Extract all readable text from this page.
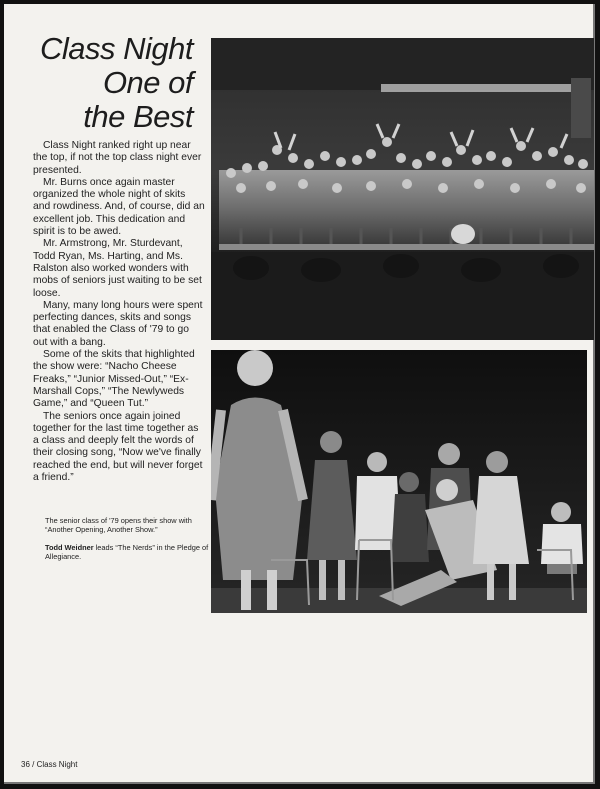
Class Night
One of
the Best

Class Night ranked right up near the top, if not the top class night ever presented.

Mr. Burns once again master organized the whole night of skits and rowdiness. And, of course, did an excellent job. This dedication and spirit is to be awed.

Mr. Armstrong, Mr. Sturdevant, Todd Ryan, Ms. Harting, and Ms. Ralston also worked wonders with mobs of seniors just waiting to be set loose.

Many, many long hours were spent perfecting dances, skits and songs that enabled the Class of '79 to go out with a bang.

Some of the skits that highlighted the show were: “Nacho Cheese Freaks,” “Junior Missed-Out,” “Ex-Marshall Cops,” “The Newlyweds Game,” and “Queen Tut.”

The seniors once again joined together for the last time together as a class and deeply felt the words of their closing song, “Now we've finally reached the end, but will never forget a friend.”

The senior class of '79 opens their show with “Another Opening, Another Show.”
Todd Weidner leads “The Nerds” in the Pledge of Allegiance.
36 / Class Night
